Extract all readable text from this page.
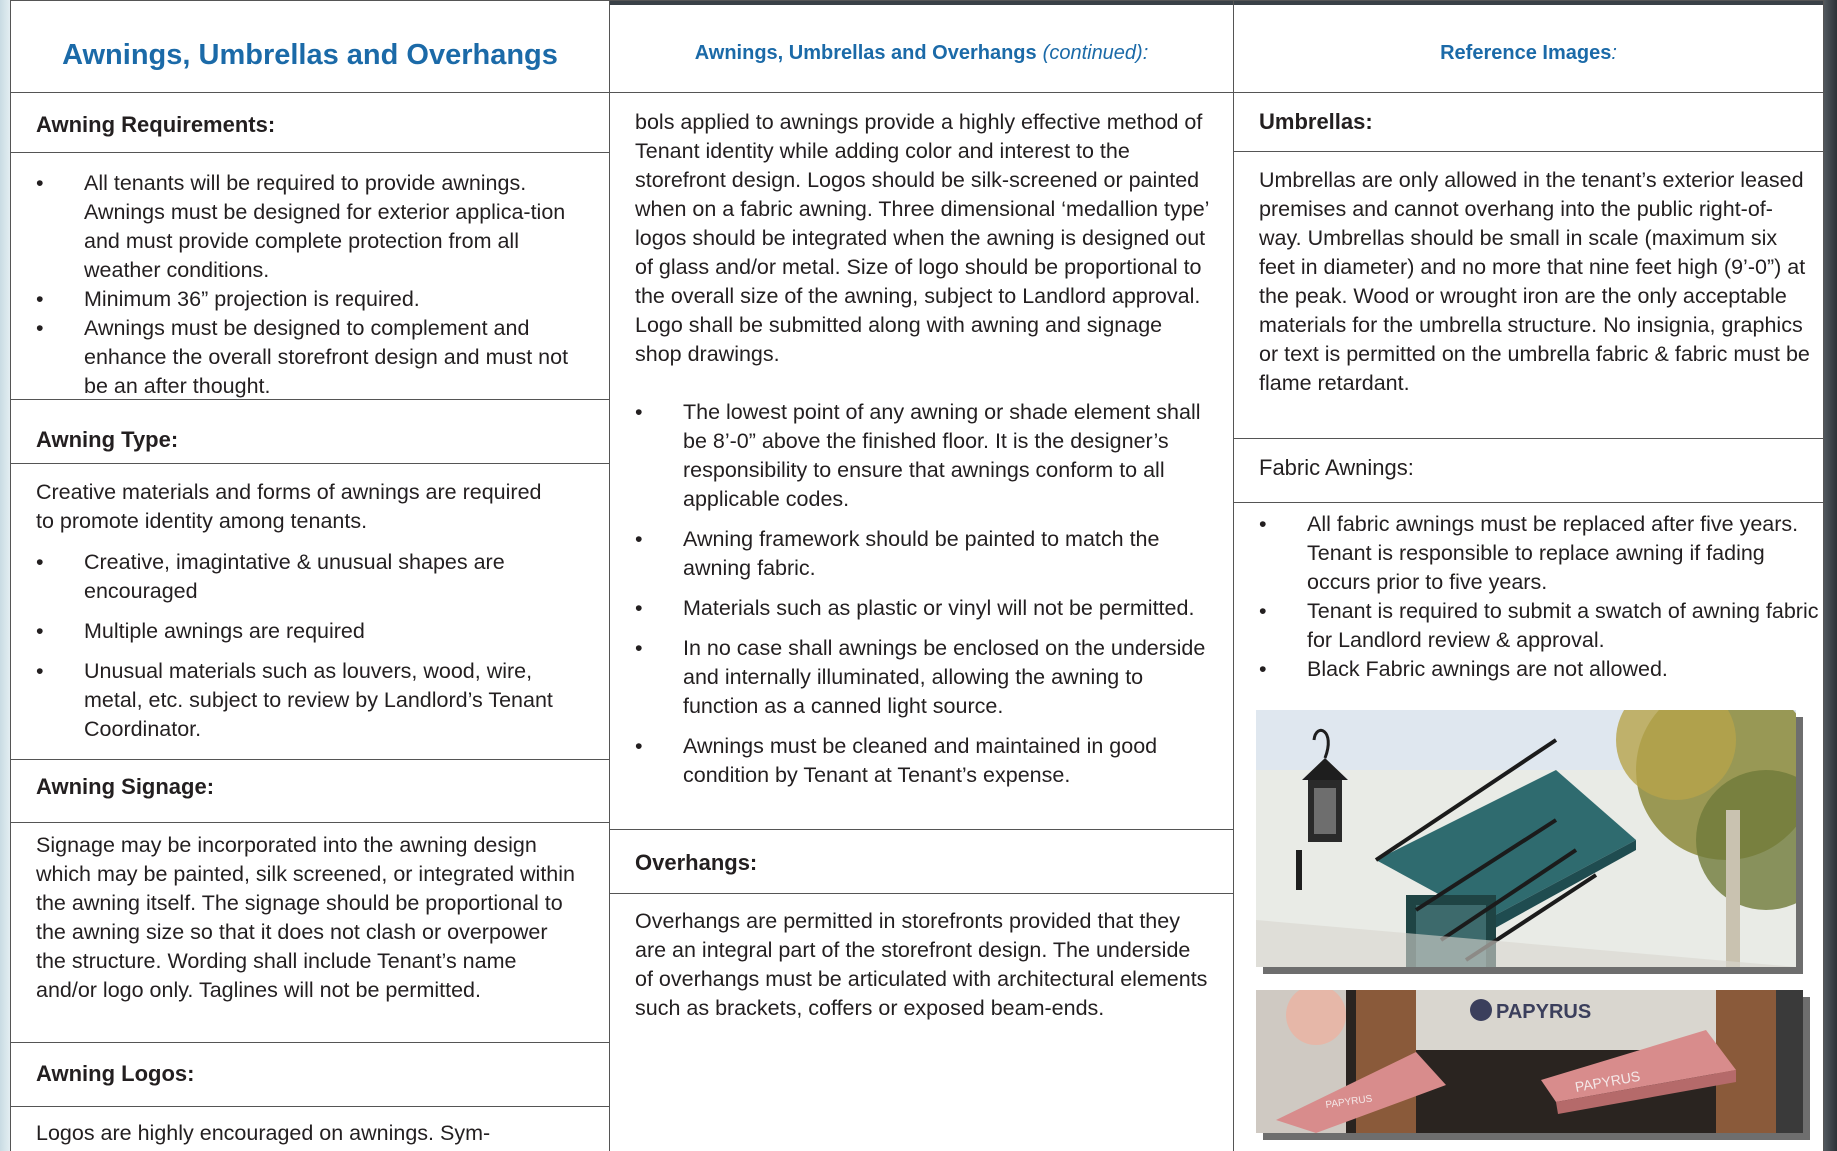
Awnings, Umbrellas and Overhangs
Awning Requirements:
• All tenants will be required to provide awnings. Awnings must be designed for exterior applica-tion and must provide complete protection from all weather conditions.
• Minimum 36” projection is required.
• Awnings must be designed to complement and enhance the overall storefront design and must not be an after thought.
Awning Type:
Creative materials and forms of awnings are required to promote identity among tenants.
• Creative, imagintative & unusual shapes are encouraged
• Multiple awnings are required
• Unusual materials such as louvers, wood, wire, metal, etc. subject to review by Landlord’s Tenant Coordinator.
Awning Signage:
Signage may be incorporated into the awning design which may be painted, silk screened, or integrated within the awning itself. The signage should be proportional to the awning size so that it does not clash or overpower the structure. Wording shall include Tenant’s name and/or logo only. Taglines will not be permitted.
Awning Logos:
Logos are highly encouraged on awnings. Sym-
Awnings, Umbrellas and Overhangs (continued):
bols applied to awnings provide a highly effective method of Tenant identity while adding color and interest to the storefront design. Logos should be silk-screened or painted when on a fabric awning. Three dimensional ‘medallion type’ logos should be integrated when the awning is designed out of glass and/or metal. Size of logo should be proportional to the overall size of the awning, subject to Landlord approval. Logo shall be submitted along with awning and signage shop drawings.
• The lowest point of any awning or shade element shall be 8’-0” above the finished floor. It is the designer’s responsibility to ensure that awnings conform to all applicable codes.
• Awning framework should be painted to match the awning fabric.
• Materials such as plastic or vinyl will not be permitted.
• In no case shall awnings be enclosed on the underside and internally illuminated, allowing the awning to function as a canned light source.
• Awnings must be cleaned and maintained in good condition by Tenant at Tenant’s expense.
Overhangs:
Overhangs are permitted in storefronts provided that they are an integral part of the storefront design. The underside of overhangs must be articulated with architectural elements such as brackets, coffers or exposed beam-ends.
Reference Images :
Umbrellas:
Umbrellas are only allowed in the tenant’s exterior leased premises and cannot overhang into the public right-of-way. Umbrellas should be small in scale (maximum six feet in diameter) and no more that nine feet high (9’-0”) at the peak. Wood or wrought iron are the only acceptable materials for the umbrella structure. No insignia, graphics or text is permitted on the umbrella fabric & fabric must be flame retardant.
Fabric Awnings:
• All fabric awnings must be replaced after five years. Tenant is responsible to replace awning if fading occurs prior to five years.
• Tenant is required to submit a swatch of awning fabric for Landlord review & approval.
• Black Fabric awnings are not allowed.
PAPYRUS
PAPYRUS
PAPYRUS
